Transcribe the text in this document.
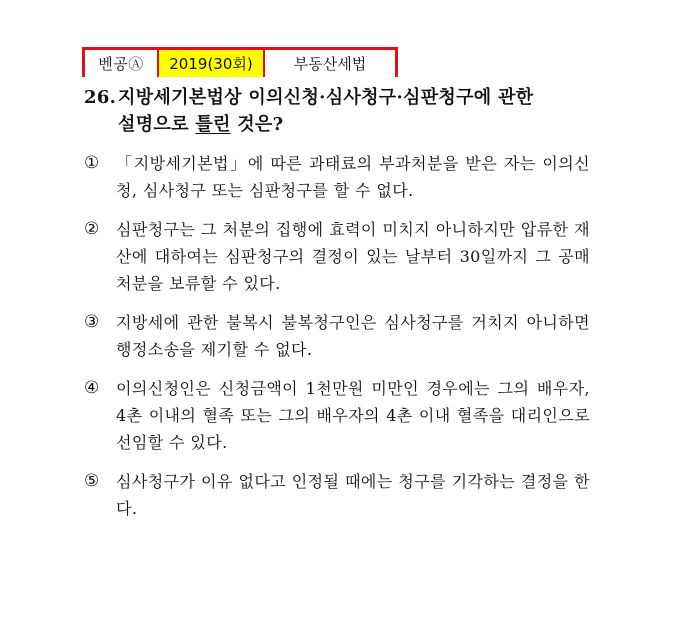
벤공Ⓐ	2019(30회)	부동산세법
26.지방세기본법상 이의신청·심사청구·심판청구에 관한
설명으로 틀린 것은?
①	「지방세기본법」에 따른 과태료의 부과처분을 받은 자는 이의신청, 심사청구 또는 심판청구를 할 수 없다.
②	심판청구는 그 처분의 집행에 효력이 미치지 아니하지만 압류한 재산에 대하여는 심판청구의 결정이 있는 날부터 30일까지 그 공매처분을 보류할 수 있다.
③	지방세에 관한 불복시 불복청구인은 심사청구를 거치지 아니하면 행정소송을 제기할 수 없다.
④	이의신청인은 신청금액이 1천만원 미만인 경우에는 그의 배우자, 4촌 이내의 혈족 또는 그의 배우자의 4촌 이내 혈족을 대리인으로 선임할 수 있다.
⑤	심사청구가 이유 없다고 인정될 때에는 청구를 기각하는 결정을 한다.
